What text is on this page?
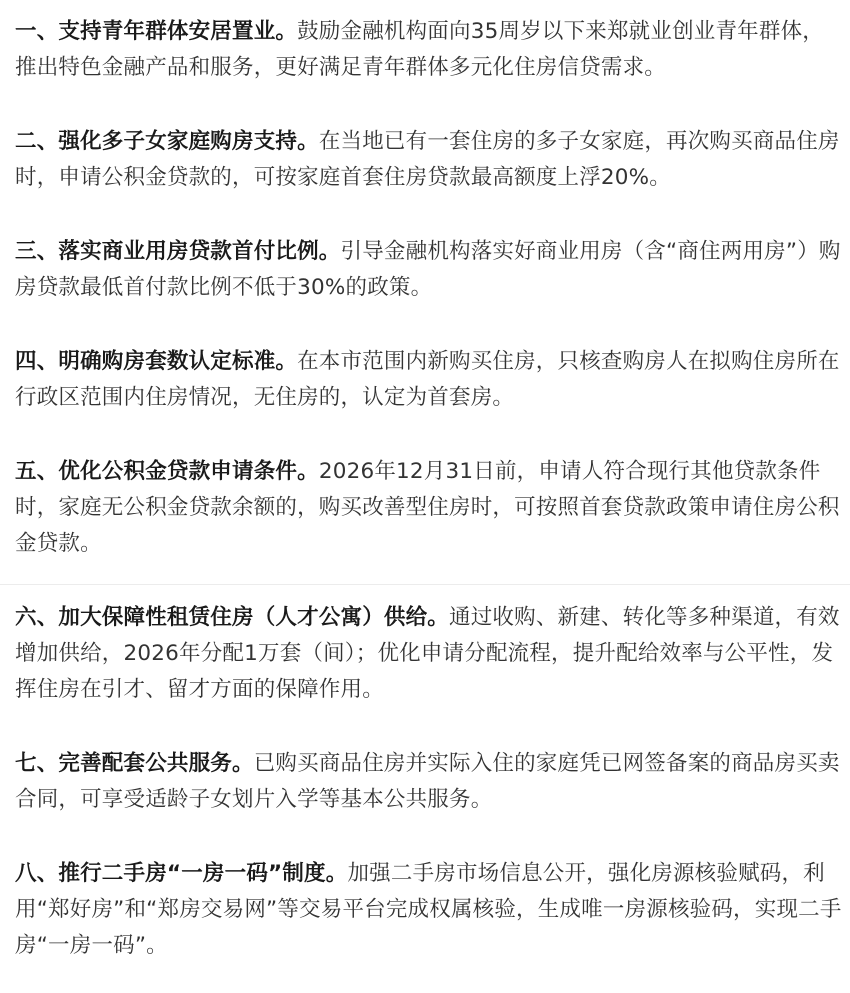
一、支持青年群体安居置业。鼓励金融机构面向35周岁以下来郑就业创业青年群体，推出特色金融产品和服务，更好满足青年群体多元化住房信贷需求。

二、强化多子女家庭购房支持。在当地已有一套住房的多子女家庭，再次购买商品住房时，申请公积金贷款的，可按家庭首套住房贷款最高额度上浮20%。

三、落实商业用房贷款首付比例。引导金融机构落实好商业用房（含“商住两用房”）购房贷款最低首付款比例不低于30%的政策。

四、明确购房套数认定标准。在本市范围内新购买住房，只核查购房人在拟购住房所在行政区范围内住房情况，无住房的，认定为首套房。

五、优化公积金贷款申请条件。2026年12月31日前，申请人符合现行其他贷款条件时，家庭无公积金贷款余额的，购买改善型住房时，可按照首套贷款政策申请住房公积金贷款。

六、加大保障性租赁住房（人才公寓）供给。通过收购、新建、转化等多种渠道，有效增加供给，2026年分配1万套（间）；优化申请分配流程，提升配给效率与公平性，发挥住房在引才、留才方面的保障作用。

七、完善配套公共服务。已购买商品住房并实际入住的家庭凭已网签备案的商品房买卖合同，可享受适龄子女划片入学等基本公共服务。

八、推行二手房“一房一码”制度。加强二手房市场信息公开，强化房源核验赋码，利用“郑好房”和“郑房交易网”等交易平台完成权属核验，生成唯一房源核验码，实现二手房“一房一码”。
